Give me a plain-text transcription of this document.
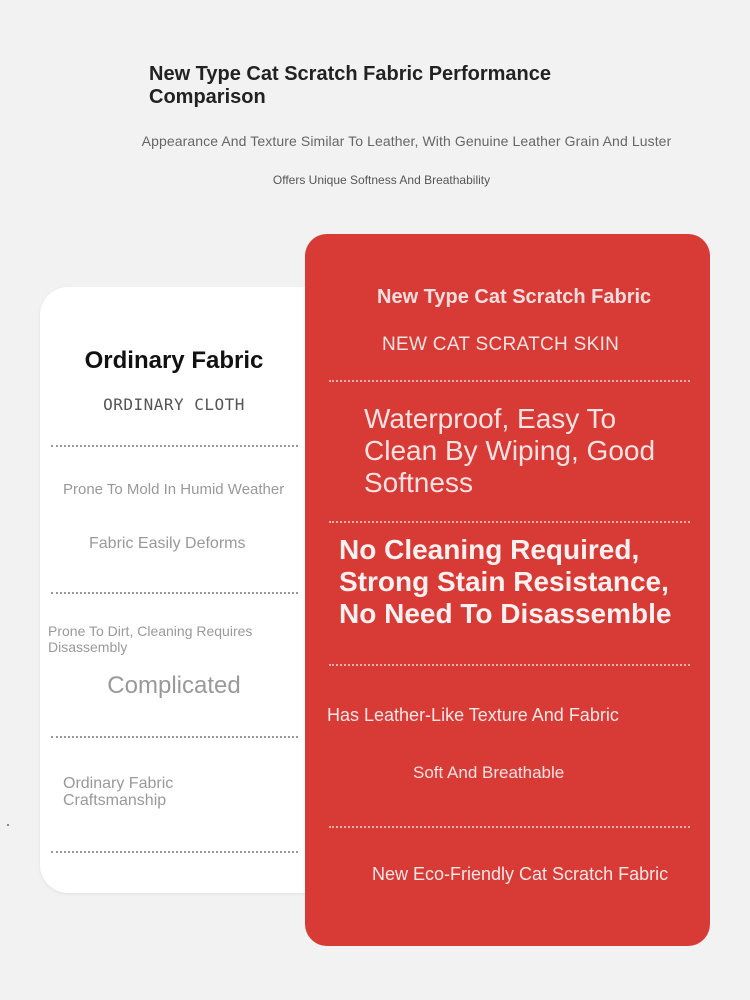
New Type Cat Scratch Fabric Performance Comparison
Appearance And Texture Similar To Leather, With Genuine Leather Grain And Luster
Offers Unique Softness And Breathability
Ordinary Fabric
ORDINARY CLOTH
Prone To Mold In Humid Weather
Fabric Easily Deforms
Prone To Dirt, Cleaning Requires Disassembly
Complicated
Ordinary Fabric Craftsmanship
New Type Cat Scratch Fabric
NEW CAT SCRATCH SKIN
Waterproof, Easy To Clean By Wiping, Good Softness
No Cleaning Required, Strong Stain Resistance, No Need To Disassemble
Has Leather-Like Texture And Fabric
Soft And Breathable
New Eco-Friendly Cat Scratch Fabric
